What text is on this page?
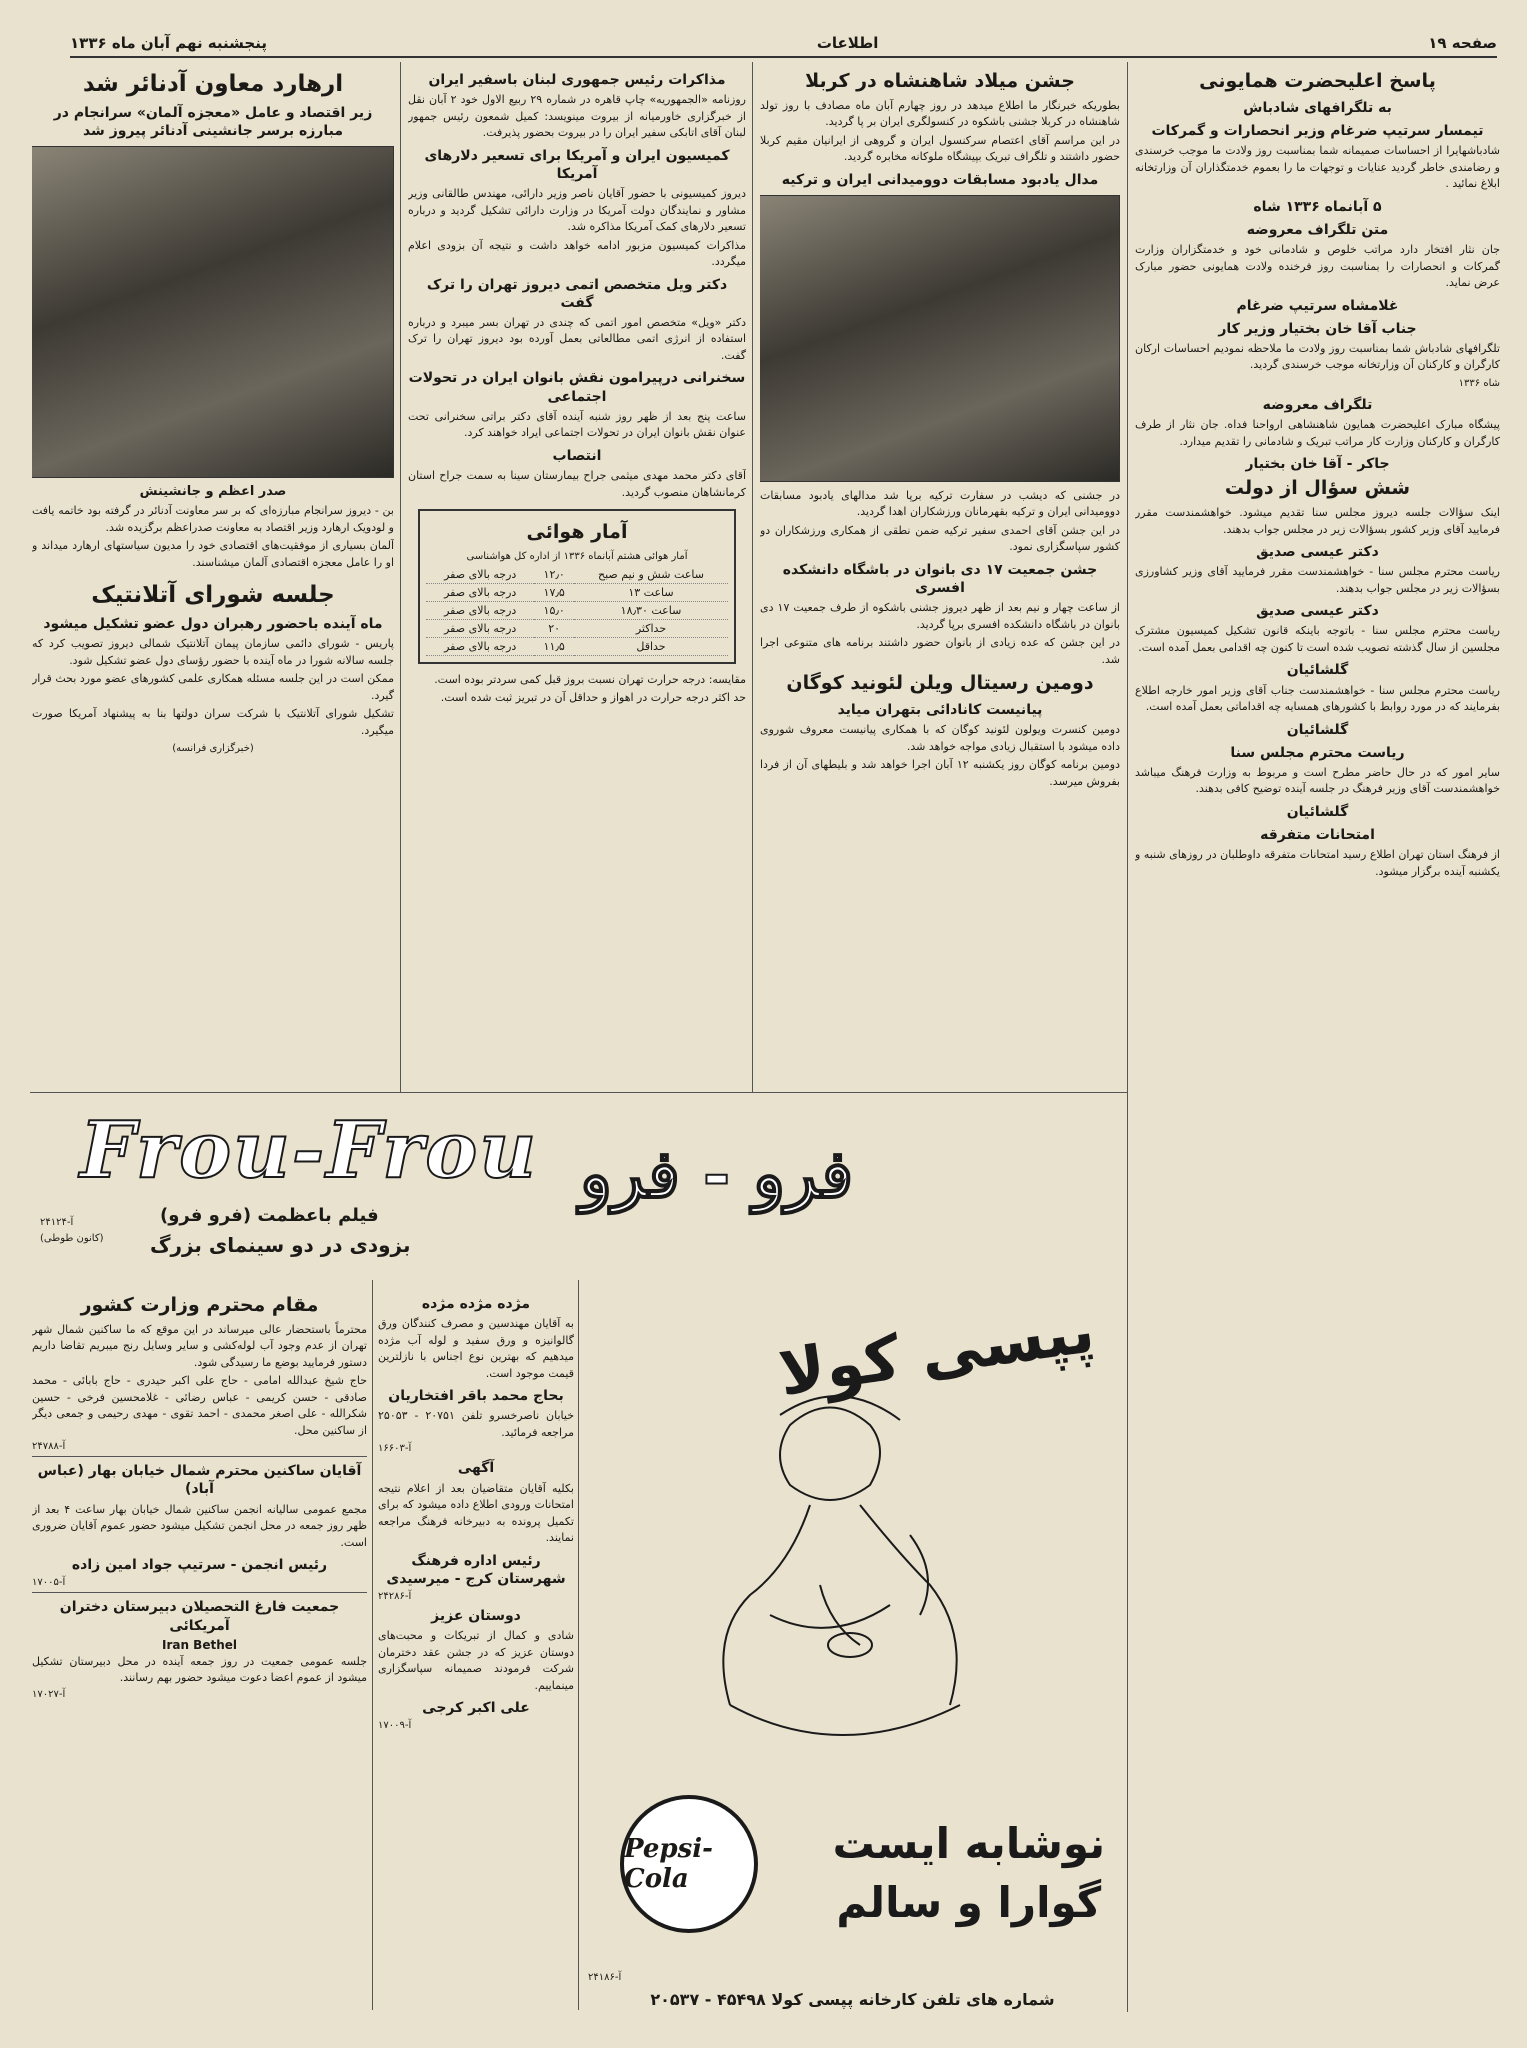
صفحه ۱۹
اطلاعات
پنجشنبه نهم آبان ماه ۱۳۳۶
پاسخ اعلیحضرت همایونی
به تلگرافهای شادباش
تیمسار سرتیپ ضرغام وزیر انحصارات و گمرکات

شادباشهایرا از احساسات صمیمانه شما بمناسبت روز ولادت ما موجب خرسندی و رضامندی خاطر گردید عنایات و توجهات ما را بعموم خدمتگذاران آن وزارتخانه ابلاغ نمائید .

۵ آبانماه ۱۳۳۶ شاه
متن تلگراف معروضه

جان نثار افتخار دارد مراتب خلوص و شادمانی خود و خدمتگزاران وزارت گمرکات و انحصارات را بمناسبت روز فرخنده ولادت همایونی حضور مبارک عرض نماید.

غلامشاه سرتیپ ضرغام
جناب آقا خان بختیار وزیر کار

تلگرافهای شادباش شما بمناسبت روز ولادت ما ملاحظه نمودیم احساسات ارکان کارگران و کارکنان آن وزارتخانه موجب خرسندی گردید.

شاه ۱۳۳۶

تلگراف معروضه

پیشگاه مبارک اعلیحضرت همایون شاهنشاهی ارواحنا فداه. جان نثار از طرف کارگران و کارکنان وزارت کار مراتب تبریک و شادمانی را تقدیم میدارد.

جاکر - آقا خان بختیار
شش سؤال از دولت

اینک سؤالات جلسه دیروز مجلس سنا تقدیم میشود. خواهشمندست مقرر فرمایید آقای وزیر کشور بسؤالات زیر در مجلس جواب بدهند.

دکتر عیسی صدیق

ریاست محترم مجلس سنا - خواهشمندست مقرر فرمایید آقای وزیر کشاورزی بسؤالات زیر در مجلس جواب بدهند.

دکتر عیسی صدیق

ریاست محترم مجلس سنا - باتوجه باینکه قانون تشکیل کمیسیون مشترک مجلسین از سال گذشته تصویب شده است تا کنون چه اقدامی بعمل آمده است.

گلشائیان

ریاست محترم مجلس سنا - خواهشمندست جناب آقای وزیر امور خارجه اطلاع بفرمایند که در مورد روابط با کشورهای همسایه چه اقداماتی بعمل آمده است.

گلشائیان
ریاست محترم مجلس سنا

سایر امور که در حال حاضر مطرح است و مربوط به وزارت فرهنگ میباشد خواهشمندست آقای وزیر فرهنگ در جلسه آینده توضیح کافی بدهند.

گلشائیان
امتحانات متفرقه

از فرهنگ استان تهران اطلاع رسید امتحانات متفرقه داوطلبان در روزهای شنبه و یکشنبه آینده برگزار میشود.

جشن میلاد شاهنشاه در کربلا

بطوریکه خبرنگار ما اطلاع میدهد در روز چهارم آبان ماه مصادف با روز تولد شاهنشاه در کربلا جشنی باشکوه در کنسولگری ایران بر پا گردید.

در این مراسم آقای اعتصام سرکنسول ایران و گروهی از ایرانیان مقیم کربلا حضور داشتند و تلگراف تبریک بپیشگاه ملوکانه مخابره گردید.

مدال یادبود مسابقات دوومیدانی ایران و ترکیه

در جشنی که دیشب در سفارت ترکیه برپا شد مدالهای یادبود مسابقات دوومیدانی ایران و ترکیه بقهرمانان ورزشکاران اهدا گردید.

در این جشن آقای احمدی سفیر ترکیه ضمن نطقی از همکاری ورزشکاران دو کشور سپاسگزاری نمود.

جشن جمعیت ۱۷ دی بانوان در باشگاه دانشکده افسری

از ساعت چهار و نیم بعد از ظهر دیروز جشنی باشکوه از طرف جمعیت ۱۷ دی بانوان در باشگاه دانشکده افسری برپا گردید.

در این جشن که عده زیادی از بانوان حضور داشتند برنامه های متنوعی اجرا شد.

دومین رسیتال ویلن لئونید کوگان
پیانیست کانادائی بتهران میاید

دومین کنسرت ویولون لئونید کوگان که با همکاری پیانیست معروف شوروی داده میشود با استقبال زیادی مواجه خواهد شد.

دومین برنامه کوگان روز یکشنبه ۱۲ آبان اجرا خواهد شد و بلیطهای آن از فردا بفروش میرسد.

مذاکرات رئیس جمهوری لبنان باسفیر ایران

روزنامه «الجمهوریه» چاپ قاهره در شماره ۲۹ ربیع الاول خود ۲ آبان نقل از خبرگزاری خاورمیانه از بیروت مینویسد: کمیل شمعون رئیس جمهور لبنان آقای اتابکی سفیر ایران را در بیروت بحضور پذیرفت.

کمیسیون ایران و آمریکا برای تسعیر دلارهای آمریکا

دیروز کمیسیونی با حضور آقایان ناصر وزیر دارائی، مهندس طالقانی وزیر مشاور و نمایندگان دولت آمریکا در وزارت دارائی تشکیل گردید و درباره تسعیر دلارهای کمک آمریکا مذاکره شد.

مذاکرات کمیسیون مزبور ادامه خواهد داشت و نتیجه آن بزودی اعلام میگردد.

دکتر ویل متخصص اتمی دیروز تهران را ترک گفت

دکتر «ویل» متخصص امور اتمی که چندی در تهران بسر میبرد و درباره استفاده از انرژی اتمی مطالعاتی بعمل آورده بود دیروز تهران را ترک گفت.

سخنرانی درپیرامون نقش بانوان ایران در تحولات اجتماعی

ساعت پنج بعد از ظهر روز شنبه آینده آقای دکتر براتی سخنرانی تحت عنوان نقش بانوان ایران در تحولات اجتماعی ایراد خواهند کرد.

انتصاب

آقای دکتر محمد مهدی میثمی جراح بیمارستان سینا به سمت جراح استان کرمانشاهان منصوب گردید.

آمار هوائی

آمار هوائی هشتم آبانماه ۱۳۳۶ از اداره کل هواشناسی

ساعت شش و نیم صبح	۱۲٫۰	درجه بالای صفر
ساعت ۱۳	۱۷٫۵	درجه بالای صفر
ساعت ۱۸٫۳۰	۱۵٫۰	درجه بالای صفر
حداکثر	۲۰	درجه بالای صفر
حداقل	۱۱٫۵	درجه بالای صفر

مقایسه: درجه حرارت تهران نسبت بروز قبل کمی سردتر بوده است.

حد اکثر درجه حرارت در اهواز و حداقل آن در تبریز ثبت شده است.

ارهارد معاون آدنائر شد
زیر اقتصاد و عامل «معجزه آلمان» سرانجام در مبارزه برسر جانشینی آدنائر پیروز شد
صدر اعظم و جانشینش

بن - دیروز سرانجام مبارزه‌ای که بر سر معاونت آدنائر در گرفته بود خاتمه یافت و لودویک ارهارد وزیر اقتصاد به معاونت صدراعظم برگزیده شد.

آلمان بسیاری از موفقیت‌های اقتصادی خود را مدیون سیاستهای ارهارد میداند و او را عامل معجزه اقتصادی آلمان میشناسند.

جلسه شورای آتلانتیک
ماه آینده باحضور رهبران دول عضو تشکیل میشود

پاریس - شورای دائمی سازمان پیمان آتلانتیک شمالی دیروز تصویب کرد که جلسه سالانه شورا در ماه آینده با حضور رؤسای دول عضو تشکیل شود.

ممکن است در این جلسه مسئله همکاری علمی کشورهای عضو مورد بحث قرار گیرد.

تشکیل شورای آتلانتیک با شرکت سران دولتها بنا به پیشنهاد آمریکا صورت میگیرد.

(خبرگزاری فرانسه)

Frou-Frou فرو - فرو
فیلم باعظمت (فرو فرو)
بزودی در دو سینمای بزرگ
آ-۲۴۱۲۴
(کانون طوطی)
مقام محترم وزارت کشور

محترماً باستحضار عالی میرساند در این موقع که ما ساکنین شمال شهر تهران از عدم وجود آب لوله‌کشی و سایر وسایل رنج میبریم تقاضا داریم دستور فرمایید بوضع ما رسیدگی شود.

حاج شیخ عبدالله امامی - حاج علی اکبر حیدری - حاج بابائی - محمد صادقی - حسن کریمی - عباس رضائی - غلامحسین فرخی - حسین شکرالله - علی اصغر محمدی - احمد تقوی - مهدی رحیمی و جمعی دیگر از ساکنین محل.

آ-۲۴۷۸۸
آقایان ساکنین محترم شمال خیابان بهار (عباس آباد)

مجمع عمومی سالیانه انجمن ساکنین شمال خیابان بهار ساعت ۴ بعد از ظهر روز جمعه در محل انجمن تشکیل میشود حضور عموم آقایان ضروری است.

رئیس انجمن - سرتیپ جواد امین زاده
آ-۱۷۰۰۵
جمعیت فارغ التحصیلان دبیرستان دختران آمریکائی
Iran Bethel

جلسه عمومی جمعیت در روز جمعه آینده در محل دبیرستان تشکیل میشود از عموم اعضا دعوت میشود حضور بهم رسانند.

آ-۱۷۰۲۷
مژده مژده مژده

به آقایان مهندسین و مصرف کنندگان ورق گالوانیزه و ورق سفید و لوله آب مژده میدهیم که بهترین نوع اجناس با نازلترین قیمت موجود است.

بحاج محمد باقر افتخاریان

خیابان ناصرخسرو تلفن ۲۰۷۵۱ - ۲۵۰۵۳ مراجعه فرمائید.

آ-۱۶۶۰۳
آگهی

بکلیه آقایان متقاضیان بعد از اعلام نتیجه امتحانات ورودی اطلاع داده میشود که برای تکمیل پرونده به دبیرخانه فرهنگ مراجعه نمایند.

رئیس اداره فرهنگ شهرستان کرج - میرسیدی
آ-۲۴۲۸۶
دوستان عزیز

شادی و کمال از تبریکات و محبت‌های دوستان عزیز که در جشن عقد دخترمان شرکت فرمودند صمیمانه سپاسگزاری مینماییم.

علی اکبر کرجی
آ-۱۷۰۰۹
پپسی کولا
Pepsi-Cola
نوشابه ایست
گوارا و سالم
شماره های تلفن کارخانه پپسی کولا ۴۵۴۹۸ - ۲۰۵۳۷
آ-۲۴۱۸۶
